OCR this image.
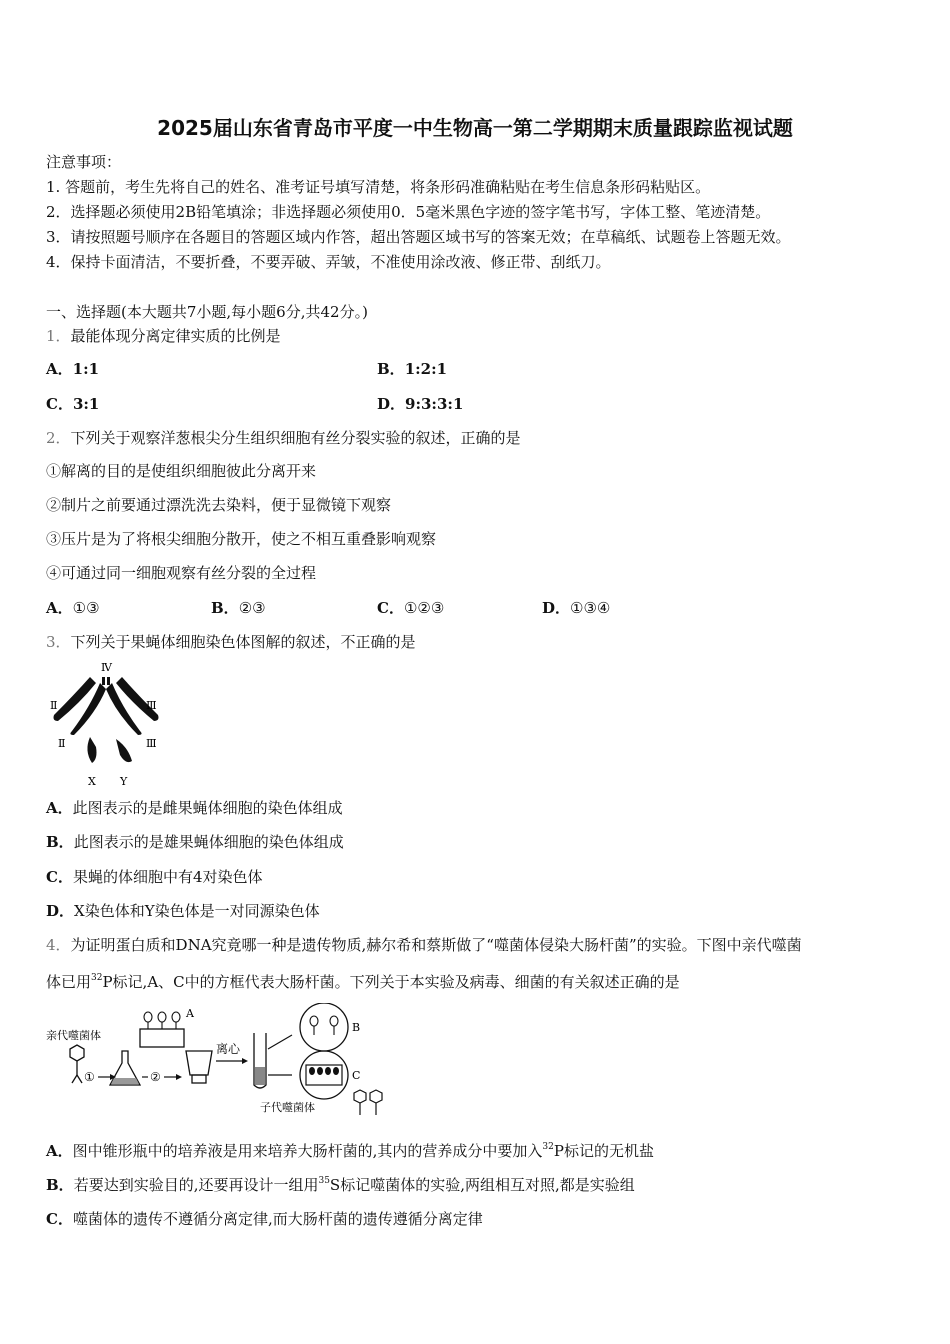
2025届山东省青岛市平度一中生物高一第二学期期末质量跟踪监视试题
注意事项：
1. 答题前，考生先将自己的姓名、准考证号填写清楚，将条形码准确粘贴在考生信息条形码粘贴区。
2．选择题必须使用2B铅笔填涂；非选择题必须使用0．5毫米黑色字迹的签字笔书写，字体工整、笔迹清楚。
3．请按照题号顺序在各题目的答题区域内作答，超出答题区域书写的答案无效；在草稿纸、试题卷上答题无效。
4．保持卡面清洁，不要折叠，不要弄破、弄皱，不准使用涂改液、修正带、刮纸刀。
一、选择题(本大题共7小题,每小题6分,共42分。)
1．最能体现分离定律实质的比例是
A．1:1	B．1:2:1
C．3:1	D．9:3:3:1
2．下列关于观察洋葱根尖分生组织细胞有丝分裂实验的叙述，正确的是
①解离的目的是使组织细胞彼此分离开来
②制片之前要通过漂洗洗去染料，便于显微镜下观察
③压片是为了将根尖细胞分散开，使之不相互重叠影响观察
④可通过同一细胞观察有丝分裂的全过程
A．①③	B．②③	C．①②③	D．①③④
3．下列关于果蝇体细胞染色体图解的叙述，不正确的是
Ⅳ
Ⅱ	Ⅲ
Ⅱ	Ⅲ
X Y
A．此图表示的是雌果蝇体细胞的染色体组成
B．此图表示的是雄果蝇体细胞的染色体组成
C．果蝇的体细胞中有4对染色体
D．X染色体和Y染色体是一对同源染色体
4．为证明蛋白质和DNA究竟哪一种是遗传物质,赫尔希和蔡斯做了“噬菌体侵染大肠杆菌”的实验。下图中亲代噬菌
体已用$^{32}$P标记,A、C中的方框代表大肠杆菌。下列关于本实验及病毒、细菌的有关叙述正确的是
亲代噬菌体
①	②
A
离心
B
C
子代噬菌体
A．图中锥形瓶中的培养液是用来培养大肠杆菌的,其内的营养成分中要加入$^{32}$P标记的无机盐
B．若要达到实验目的,还要再设计一组用$^{35}$S标记噬菌体的实验,两组相互对照,都是实验组
C．噬菌体的遗传不遵循分离定律,而大肠杆菌的遗传遵循分离定律
